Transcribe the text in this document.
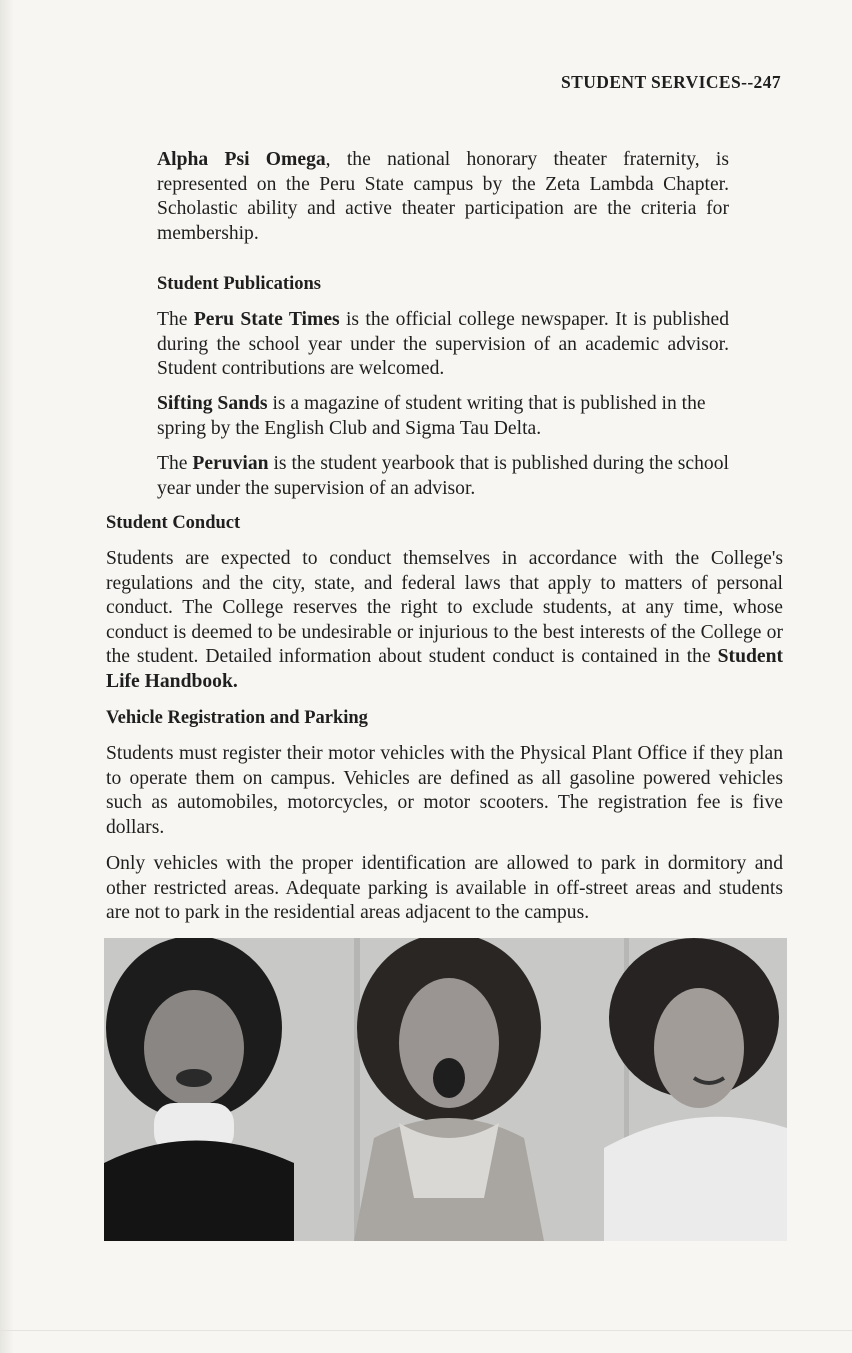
STUDENT SERVICES--247

Alpha Psi Omega, the national honorary theater fraternity, is represented on the Peru State campus by the Zeta Lambda Chapter. Scholastic ability and active theater participation are the criteria for membership.

Student Publications

The Peru State Times is the official college newspaper. It is published during the school year under the supervision of an academic advisor. Student contributions are welcomed.

Sifting Sands is a magazine of student writing that is published in the spring by the English Club and Sigma Tau Delta.

The Peruvian is the student yearbook that is published during the school year under the supervision of an advisor.

Student Conduct

Students are expected to conduct themselves in accordance with the College's regulations and the city, state, and federal laws that apply to matters of personal conduct. The College reserves the right to exclude students, at any time, whose conduct is deemed to be undesirable or injurious to the best interests of the College or the student. Detailed information about student conduct is contained in the Student Life Handbook.

Vehicle Registration and Parking
Students must register their motor vehicles with the Physical Plant Office if they plan to operate them on campus. Vehicles are defined as all gasoline powered vehicles such as automobiles, motorcycles, or motor scooters. The registration fee is five dollars.
Only vehicles with the proper identification are allowed to park in dormitory and other restricted areas. Adequate parking is available in off-street areas and students are not to park in the residential areas adjacent to the campus.
